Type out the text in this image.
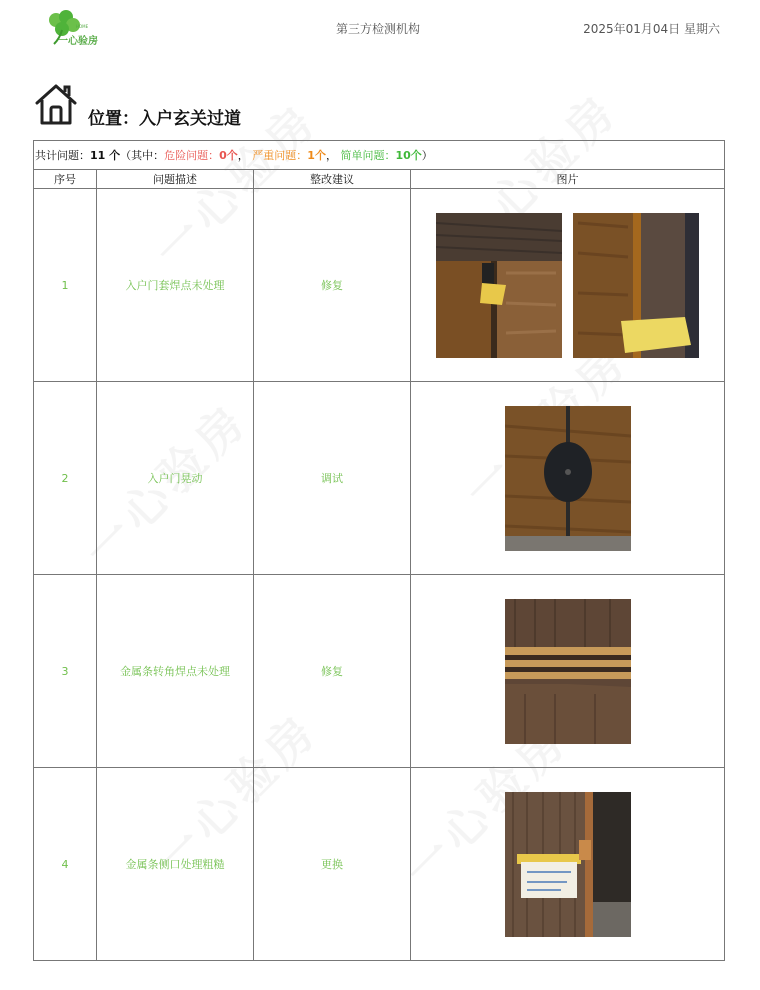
HOME
一心验房
第三方检测机构	2025年01月04日 星期六
位置：入户玄关过道
共计问题：11 个（其中：危险问题：0个， 严重问题：1个， 简单问题：10个）			
序号	问题描述	整改建议	图片
1	入户门套焊点未处理	修复	

2	入户门晃动	调试	

3	金属条转角焊点未处理	修复	

4	金属条侧口处理粗糙	更换	
